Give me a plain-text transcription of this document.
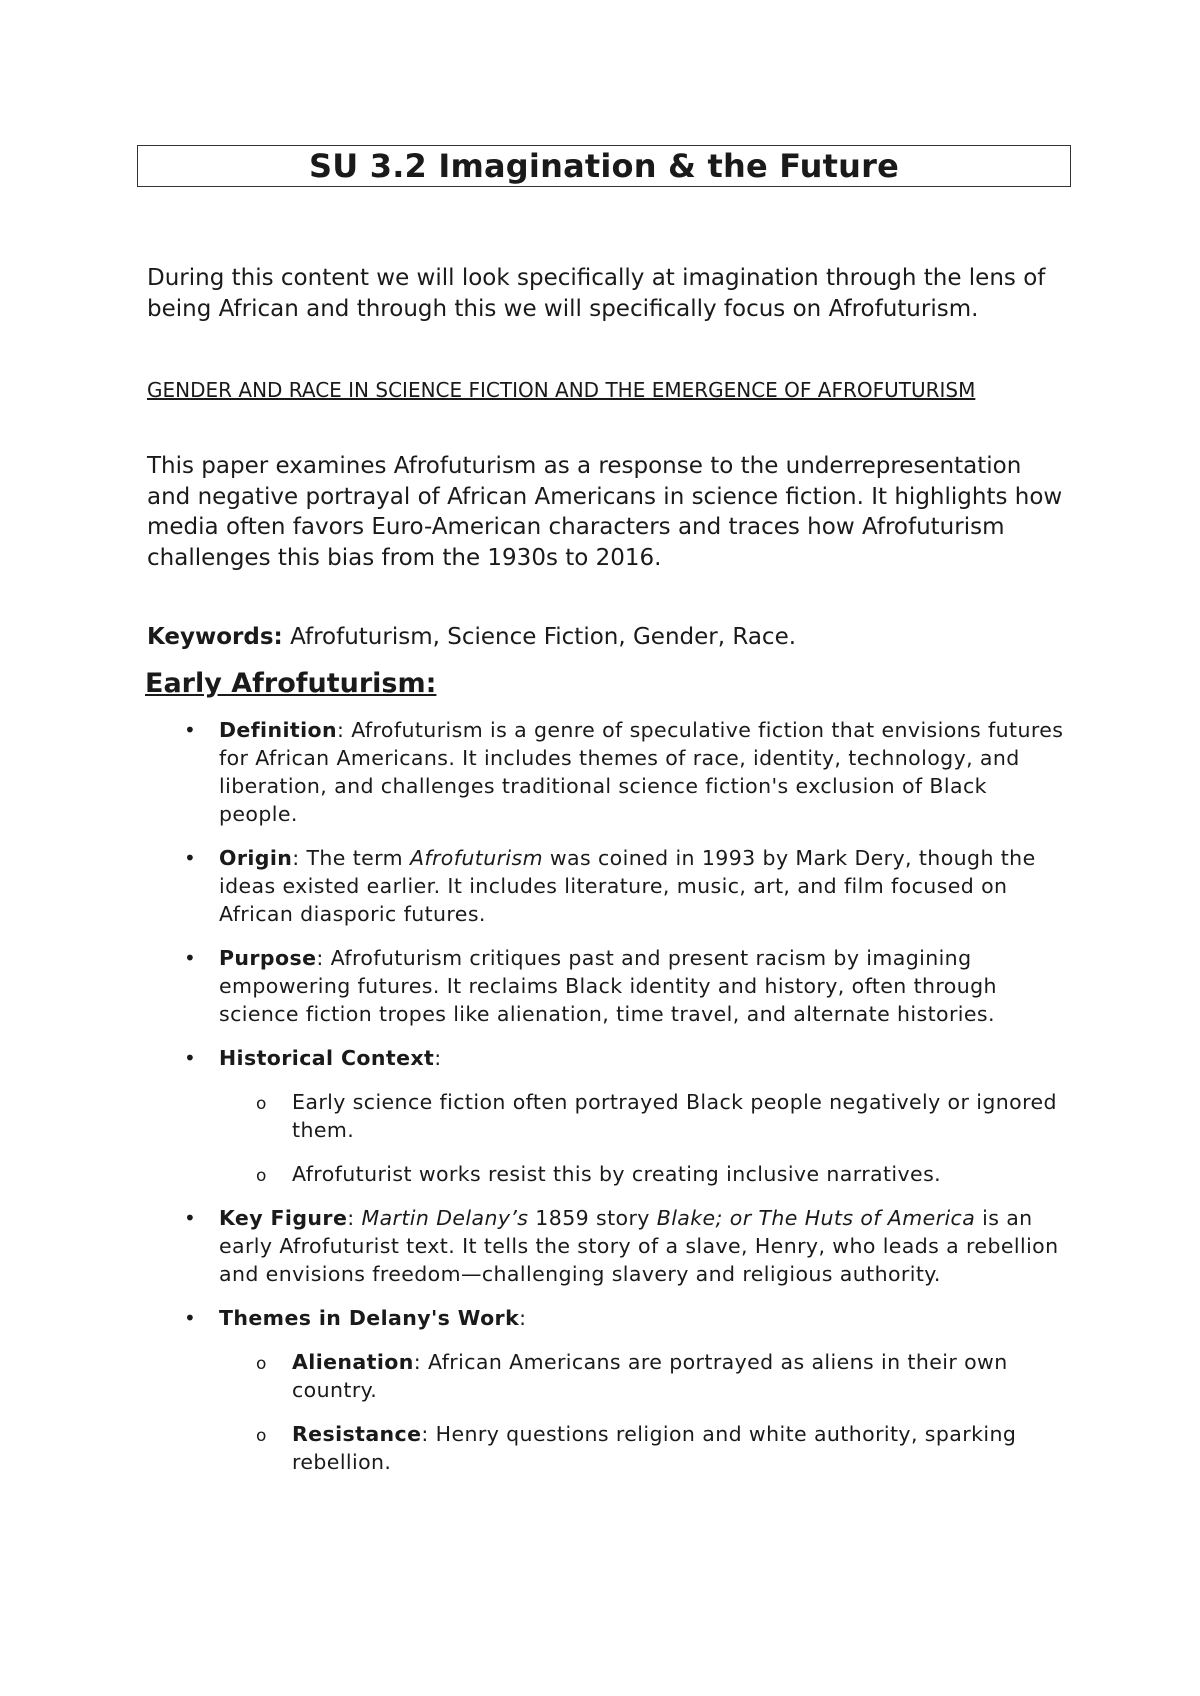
SU 3.2 Imagination & the Future

During this content we will look specifically at imagination through the lens of being African and through this we will specifically focus on Afrofuturism.

GENDER AND RACE IN SCIENCE FICTION AND THE EMERGENCE OF AFROFUTURISM

This paper examines Afrofuturism as a response to the underrepresentation and negative portrayal of African Americans in science fiction. It highlights how media often favors Euro-American characters and traces how Afrofuturism challenges this bias from the 1930s to 2016.

Keywords: Afrofuturism, Science Fiction, Gender, Race.

Early Afrofuturism:
• Definition: Afrofuturism is a genre of speculative fiction that envisions futures for African Americans. It includes themes of race, identity, technology, and liberation, and challenges traditional science fiction's exclusion of Black people.
• Origin: The term Afrofuturism was coined in 1993 by Mark Dery, though the ideas existed earlier. It includes literature, music, art, and film focused on African diasporic futures.
• Purpose: Afrofuturism critiques past and present racism by imagining empowering futures. It reclaims Black identity and history, often through science fiction tropes like alienation, time travel, and alternate histories.
• Historical Context:
o Early science fiction often portrayed Black people negatively or ignored them.
o Afrofuturist works resist this by creating inclusive narratives.
• Key Figure: Martin Delany’s 1859 story Blake; or The Huts of America is an early Afrofuturist text. It tells the story of a slave, Henry, who leads a rebellion and envisions freedom—challenging slavery and religious authority.
• Themes in Delany's Work:
o Alienation: African Americans are portrayed as aliens in their own country.
o Resistance: Henry questions religion and white authority, sparking rebellion.
